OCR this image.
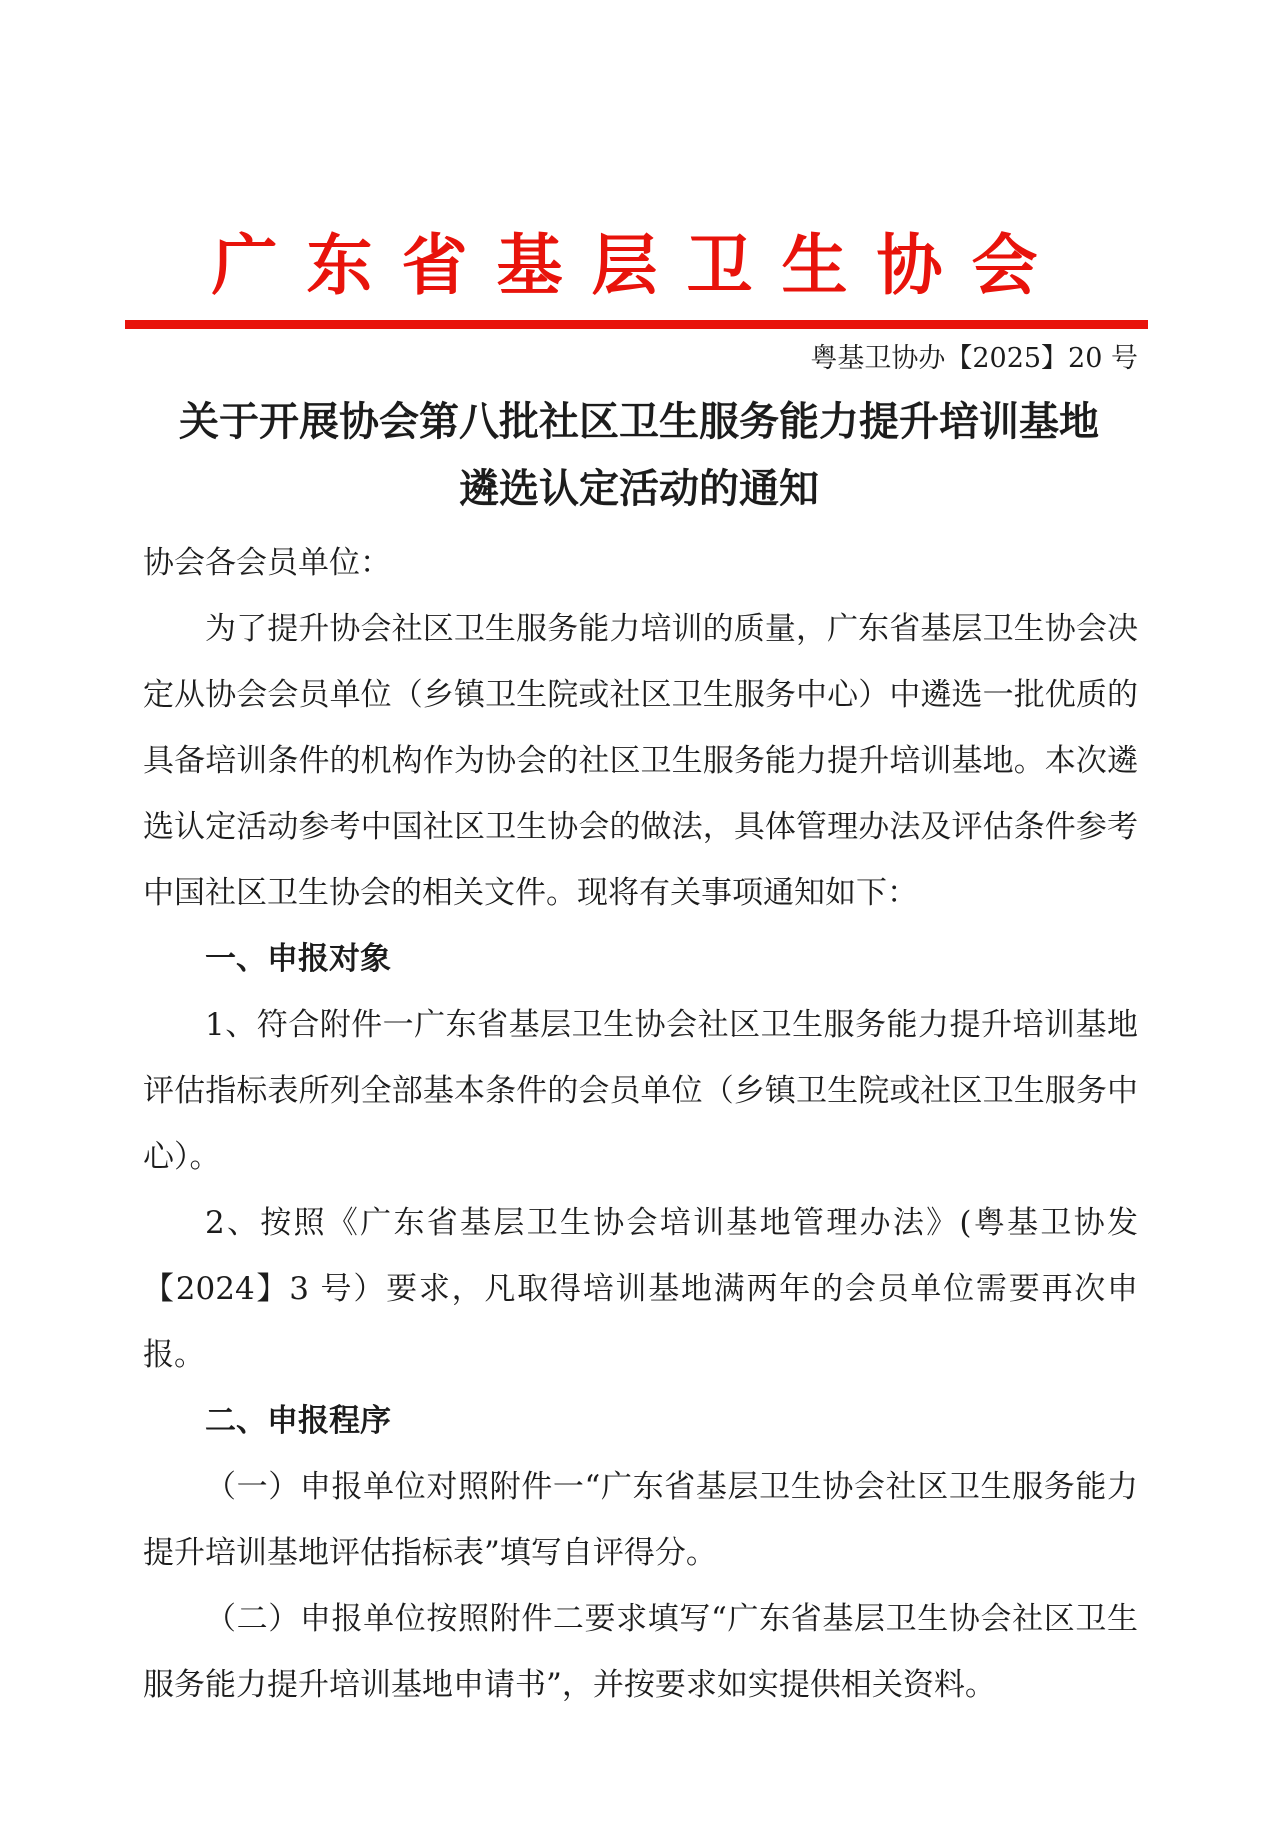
广东省基层卫生协会
粤基卫协办【2025】20 号
关于开展协会第八批社区卫生服务能力提升培训基地
遴选认定活动的通知

协会各会员单位：

为了提升协会社区卫生服务能力培训的质量，广东省基层卫生协会决定从协会会员单位（乡镇卫生院或社区卫生服务中心）中遴选一批优质的具备培训条件的机构作为协会的社区卫生服务能力提升培训基地。本次遴选认定活动参考中国社区卫生协会的做法，具体管理办法及评估条件参考中国社区卫生协会的相关文件。现将有关事项通知如下：

一、申报对象

1、符合附件一广东省基层卫生协会社区卫生服务能力提升培训基地评估指标表所列全部基本条件的会员单位（乡镇卫生院或社区卫生服务中心）。

2、按照《广东省基层卫生协会培训基地管理办法》(粤基卫协发【2024】3 号）要求，凡取得培训基地满两年的会员单位需要再次申报。

二、申报程序

（一）申报单位对照附件一“广东省基层卫生协会社区卫生服务能力提升培训基地评估指标表”填写自评得分。

（二）申报单位按照附件二要求填写“广东省基层卫生协会社区卫生服务能力提升培训基地申请书”，并按要求如实提供相关资料。
